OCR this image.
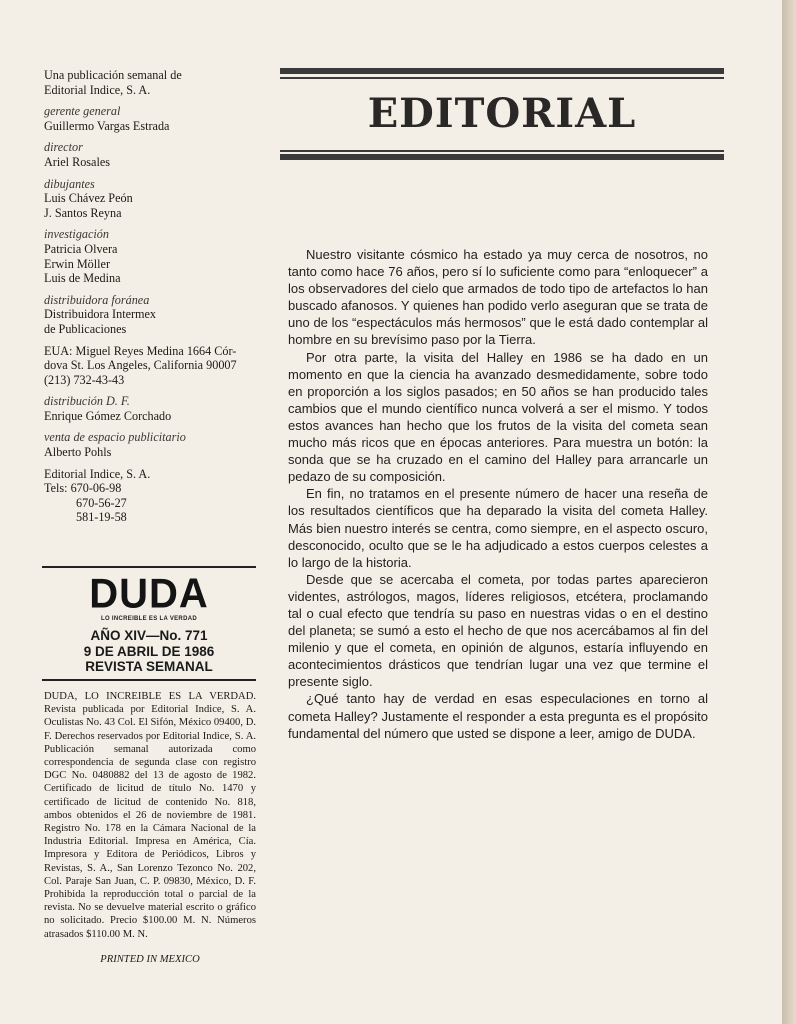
Una publicación semanal de
Editorial Indice, S. A.
gerente general
Guillermo Vargas Estrada
director
Ariel Rosales
dibujantes
Luis Chávez Peón
J. Santos Reyna
investigación
Patricia Olvera
Erwin Möller
Luis de Medina
distribuidora foránea
Distribuidora Intermex
de Publicaciones
EUA: Miguel Reyes Medina 1664 Cór-
dova St. Los Angeles, California 90007
(213) 732-43-43
distribución D. F.
Enrique Gómez Corchado
venta de espacio publicitario
Alberto Pohls
Editorial Indice, S. A.
Tels: 670-06-98
670-56-27
581-19-58
DUDA
LO INCREIBLE ES LA VERDAD
AÑO XIV—No. 771
9 DE ABRIL DE 1986
REVISTA SEMANAL
DUDA, LO INCREIBLE ES LA VERDAD. Revista publicada por Editorial Indice, S. A. Oculistas No. 43 Col. El Sifón, México 09400, D. F. Derechos reservados por Editorial Indice, S. A. Publicación semanal autorizada como correspondencia de segunda clase con registro DGC No. 0480882 del 13 de agosto de 1982. Certificado de licitud de título No. 1470 y certificado de licitud de contenido No. 818, ambos obtenidos el 26 de noviembre de 1981. Registro No. 178 en la Cámara Nacional de la Industria Editorial. Impresa en América, Cía. Impresora y Editora de Periódicos, Libros y Revistas, S. A., San Lorenzo Tezonco No. 202, Col. Paraje San Juan, C. P. 09830, México, D. F. Prohibida la reproducción total o parcial de la revista. No se devuelve material escrito o gráfico no solicitado. Precio $100.00 M. N. Números atrasados $110.00 M. N.
PRINTED IN MEXICO
EDITORIAL

Nuestro visitante cósmico ha estado ya muy cerca de nosotros, no tanto como hace 76 años, pero sí lo suficiente como para “enloquecer” a los observadores del cielo que armados de todo tipo de artefactos lo han buscado afanosos. Y quienes han podido verlo aseguran que se trata de uno de los “espectáculos más hermosos” que le está dado contemplar al hombre en su brevísimo paso por la Tierra.

Por otra parte, la visita del Halley en 1986 se ha dado en un momento en que la ciencia ha avanzado desmedidamente, sobre todo en proporción a los siglos pasados; en 50 años se han producido tales cambios que el mundo científico nunca volverá a ser el mismo. Y todos estos avances han hecho que los frutos de la visita del cometa sean mucho más ricos que en épocas anteriores. Para muestra un botón: la sonda que se ha cruzado en el camino del Halley para arrancarle un pedazo de su composición.

En fin, no tratamos en el presente número de hacer una reseña de los resultados científicos que ha deparado la visita del cometa Halley. Más bien nuestro interés se centra, como siempre, en el aspecto oscuro, desconocido, oculto que se le ha adjudicado a estos cuerpos celestes a lo largo de la historia.

Desde que se acercaba el cometa, por todas partes aparecieron videntes, astrólogos, magos, líderes religiosos, etcétera, proclamando tal o cual efecto que tendría su paso en nuestras vidas o en el destino del planeta; se sumó a esto el hecho de que nos acercábamos al fin del milenio y que el cometa, en opinión de algunos, estaría influyendo en acontecimientos drásticos que tendrían lugar una vez que termine el presente siglo.

¿Qué tanto hay de verdad en esas especulaciones en torno al cometa Halley? Justamente el responder a esta pregunta es el propósito fundamental del número que usted se dispone a leer, amigo de DUDA.
